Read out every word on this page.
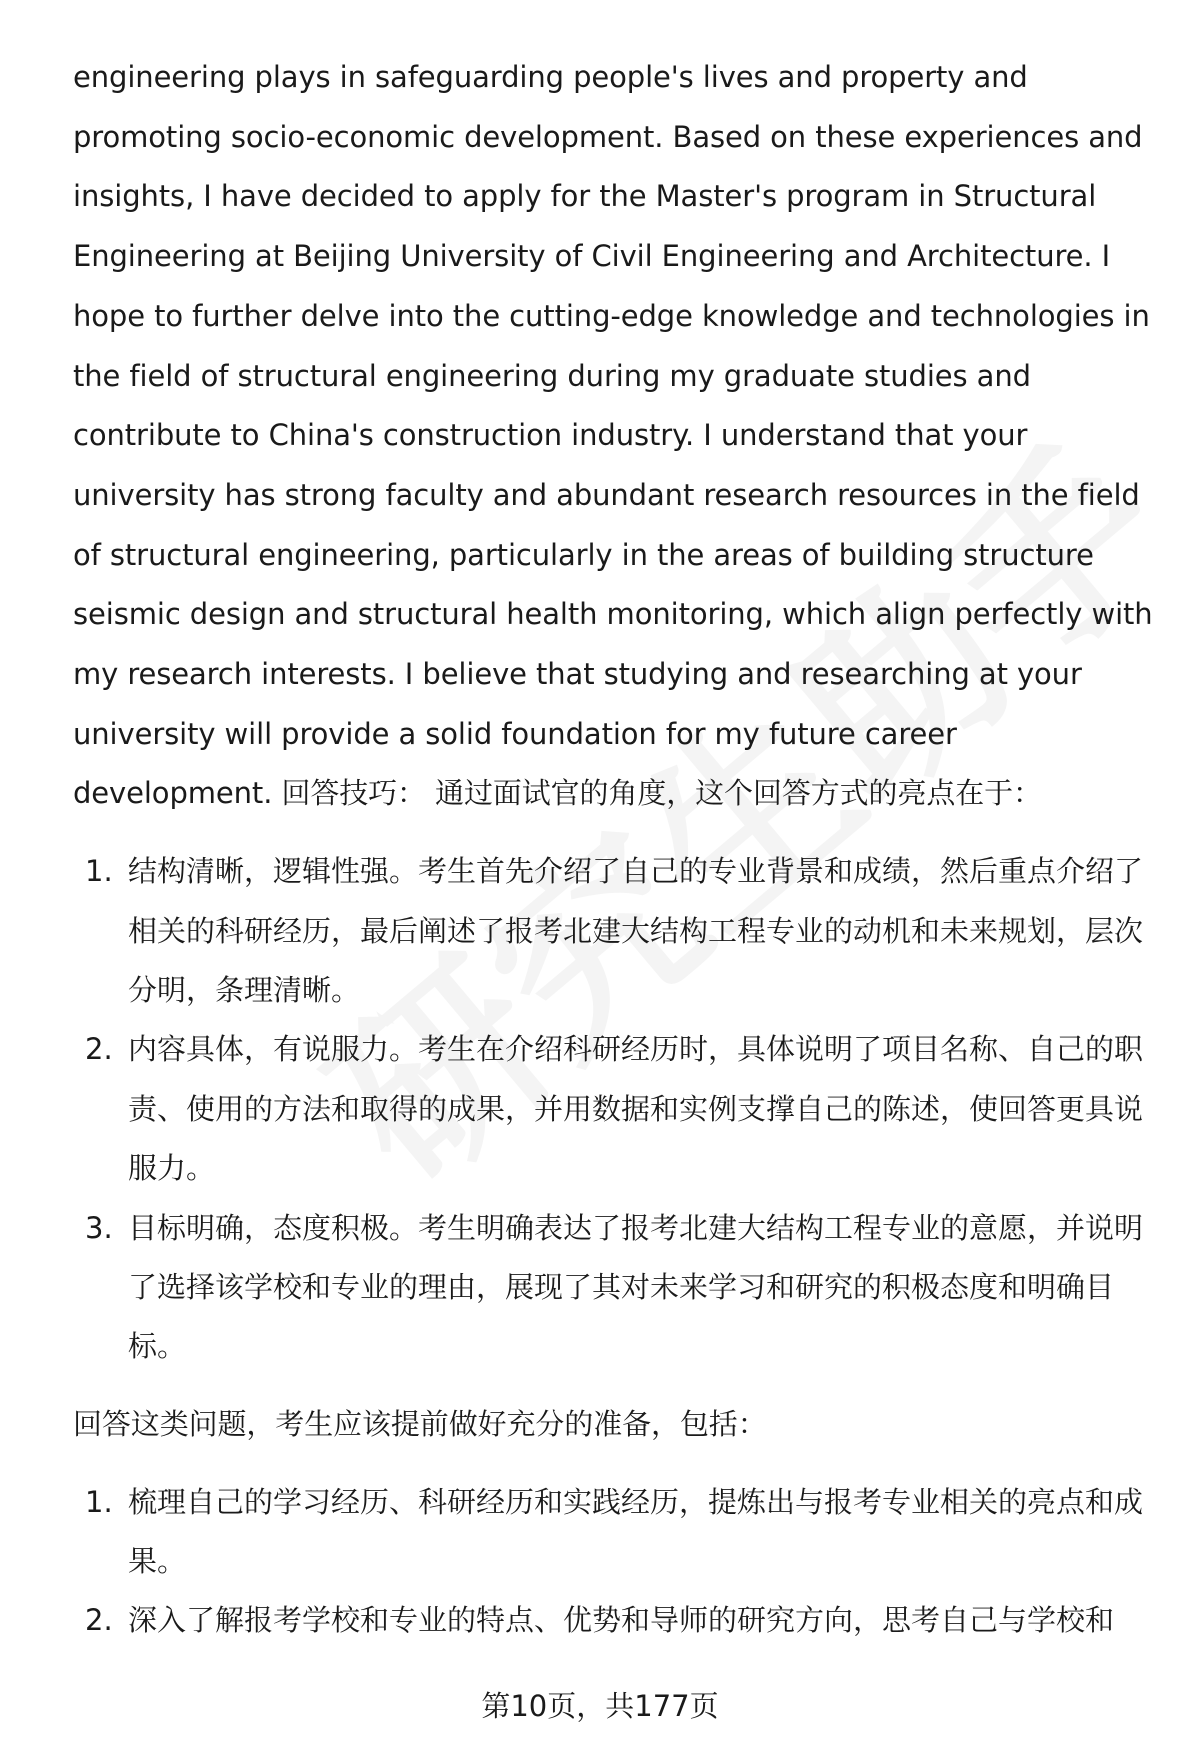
engineering plays in safeguarding people's lives and property and promoting socio-economic development. Based on these experiences and insights, I have decided to apply for the Master's program in Structural Engineering at Beijing University of Civil Engineering and Architecture. I hope to further delve into the cutting-edge knowledge and technologies in the field of structural engineering during my graduate studies and contribute to China's construction industry. I understand that your university has strong faculty and abundant research resources in the field of structural engineering, particularly in the areas of building structure seismic design and structural health monitoring, which align perfectly with my research interests. I believe that studying and researching at your university will provide a solid foundation for my future career development. 回答技巧： 通过面试官的角度，这个回答方式的亮点在于：

1. 结构清晰，逻辑性强。考生首先介绍了自己的专业背景和成绩，然后重点介绍了相关的科研经历，最后阐述了报考北建大结构工程专业的动机和未来规划，层次分明，条理清晰。
2. 内容具体，有说服力。考生在介绍科研经历时，具体说明了项目名称、自己的职责、使用的方法和取得的成果，并用数据和实例支撑自己的陈述，使回答更具说服力。
3. 目标明确，态度积极。考生明确表达了报考北建大结构工程专业的意愿，并说明了选择该学校和专业的理由，展现了其对未来学习和研究的积极态度和明确目标。

回答这类问题，考生应该提前做好充分的准备，包括：

1. 梳理自己的学习经历、科研经历和实践经历，提炼出与报考专业相关的亮点和成果。
2. 深入了解报考学校和专业的特点、优势和导师的研究方向，思考自己与学校和
第10页，共177页
